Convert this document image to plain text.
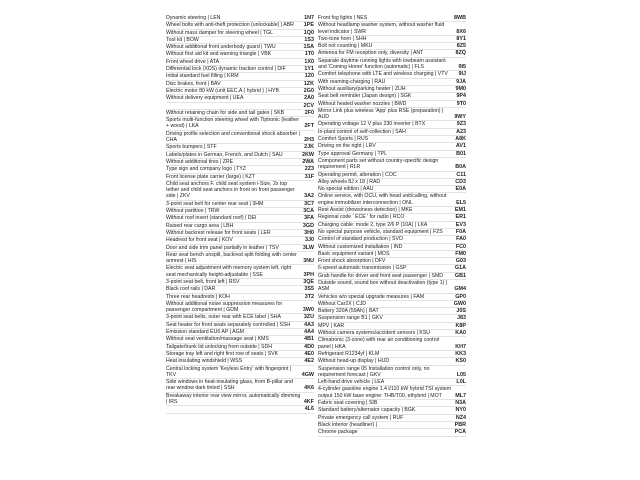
Dynamic steering | LEN	1N7
Wheel bolts with anti-theft protection (unlockable) | ABR	1PE
Without mass damper for steering wheel | TGL	1Q0
Tool kit | BOW	1S3
Without additional front underbody guard | TWU	1SA
Without first aid kit and warning triangle | VBK	1T0
Front wheel drive | ATA	1X0
Differential lock (XDS) dynamic traction control | DIF	1Y1
Initial standard fuel filling | KRM	1Z0
Disc brakes, front | BAV	1ZK
Electric motor 80 kW (unit EEC.A ( hybrid ) | HYB	2G0
Without delivery equipment | UEA	2A0
2CV
Without retaining chain for side and tail gates | SKB	2F0
Sports multi-function steering wheel with Tiptronic (leather + wood) | LKA	2FT
Driving profile selection and conventional shock absorber | CHA	2H3
Sports bumpers | STF	2JK
Labels/plates in German, French, and Dutch | SAU	2KW
Without additional tires | ZRE	2WA
Type sign and company logo | TYZ	2Z3
Front license plate carrier (large) | KZT	31F
Child seat anchors F. child seat system i-Size, 2x top tether and child seat anchors in front on front passenger side | ZKV	3A2
3-point seat belt for center rear seat | 3HM	3C7
Without partition | TRW	3CA
Without roof insert (standard roof) | DEI	3FA
Raised rear cargo area | LBH	3GD
Without backrest release for front seats | LER	3H0
Headrest for front seat | KOV	3J0
Door and side trim panel partially in leather | TSV	3LW
Rear seat bench unsplit, backrest split folding with center armrest | HIS	3NU
Electric seat adjustment with memory system left, right seat mechanically height-adjustable | SSE	3PH
3-point seat belt, front left | RSV	3QE
Black roof rails | DAR	3S5
Three rear headrests | KOH	3T2
Without additional noise suppression measures for passenger compartment | GDM	3W0
3-point seat belts, outer rear with ECE label | SHA	3ZU
Seat heater for front seats separately controlled | SSH	4A3
Emission standard EU6 AP | AGM	4A4
Without seat ventilation/massage seat | KMS	4B1
Tailgate/trunk lid unlocking from outside | SDH	4D0
Storage tray left and right first row of seats | SVK	4E0
Heat insulating windshield | WSS	4E2
Central locking system 'Keyless Entry' with fingerprint | TKV	4GW
Side windows in heat-insulating glass, from B-pillar and rear window dark tinted | SSH	4K6
Breakaway interior rear view mirror, automatically dimming | IRS	4KF
4L6
Front fog lights | NES	8WB
Without headlamp washer system, without washer fluid level indicator | SWR	8X6
Two-tone horn | SHH	8Y1
Bolt not counting | MKU	8Z5
Antenna for FM reception only, diversity | ANT	8ZQ
Separate daytime running lights with lowbeam assistant and 'Coming Home' function (automatic) | FLS	9I5
Comfort telephone with LTE and wireless charging | VTV	9IJ
With roaming-charging | RAU	9JA
Without auxiliary/parking heater | ZUH	9M0
Seat belt reminder (Japan design) | SGK	9P4
Without heated washer nozzles | BWD	9T0
Mirror Link plus wireless 'App' plus RSE (preparation) | AUD	9WY
Operating voltage 12 V plus 230 inverter | BTX	9Z3
In-plant control of self-collection | SAH	A23
Comfort Sports | RUS	A8K
Driving on the right | LRV	AV1
Type approval Germany | TPL	B01
Component parts set without country-specific design requirement | RLR	B0A
Operating permit, alteration | COC	C11
Alloy wheels 8J x 18 | RAD	CD3
No special edition | AAU	E0A
Online service, with OCU, with head unit/calling, without engine immobilizer interconnection | ONL	EL5
Rest Assist (drowsiness detection) | MKE	EM1
Regional code ' ECE ' for radio | RCO	ER1
Charging cable: mode 2, type 2/6 P (10A) | LKA	EV3
No special purpose vehicle, standard equipment | FZS	F0A
Control of standard production | SVO	FA0
Without customized installation | IND	FC0
Basic equipment variant | MOS	FM0
Front shock absorption | DFV	G03
6-speed automatic transmission | GSP	G1A
Grab handle for driver and front seat passenger | SMD	GB1
Outside sound, sound box without deactivation (type 1) | ASM	GM4
Vehicles w/o special upgrade measures | FAM	GP0
Without Car2X | CJD	GW0
Battery 320A (59Ah) | BAT	J0S
Suspension range B1 | GKV	J83
MPV | KAR	K8P
Without camera systems/accident sensors | KSU	KA0
Climatronic (3-zone) with rear air conditioning control panel | HKA	KH7
Refrigerant R1234yf | KLM	KK3
Without head-up display | HUD	KS0
Suspension range 05 Installation control only, no requirement forecast | GKV	L05
Left-hand drive vehicle | LEA	L0L
4-cylinder gasoline engine 1.4 l/110 kW hybrid TSI system output 150 kW base engine: THB/T00, ethybrid | MOT	ML7
Fabric seat covering | SIB	N3A
Standard battery/alternator capacity | BGK	NY0
Private emergency call system | RUF	NZ4
Black interior (headliner) |	PBR
Chrome package	PCA
